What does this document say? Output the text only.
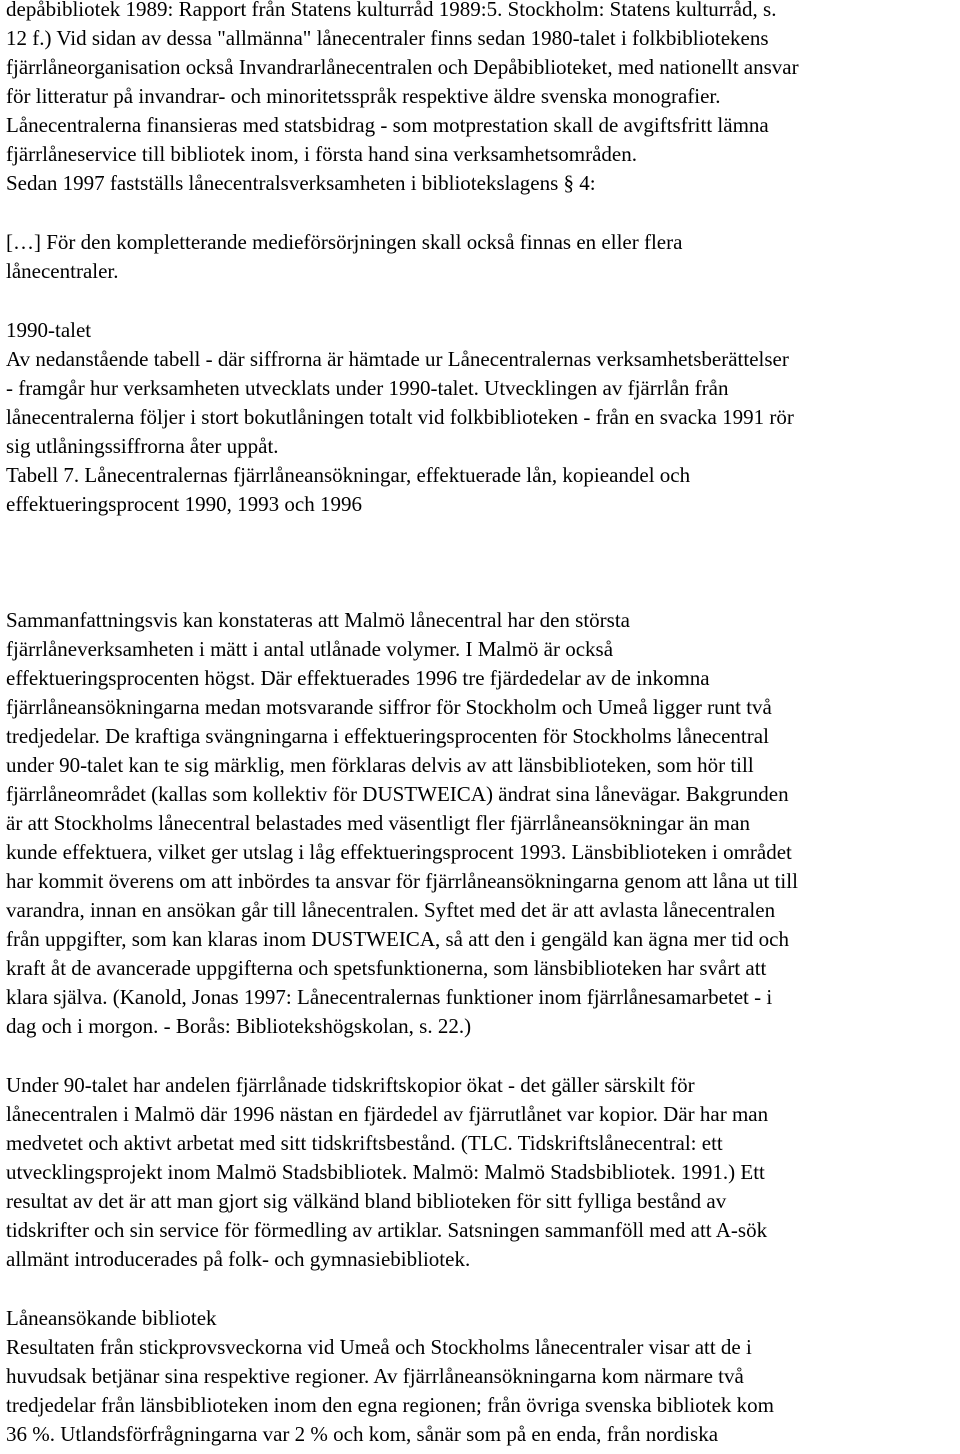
depåbibliotek 1989: Rapport från Statens kulturråd 1989:5. Stockholm: Statens kulturråd, s.

12 f.) Vid sidan av dessa "allmänna" lånecentraler finns sedan 1980-talet i folkbibliotekens

fjärrlåneorganisation också Invandrarlånecentralen och Depåbiblioteket, med nationellt ansvar

för litteratur på invandrar- och minoritetsspråk respektive äldre svenska monografier.

Lånecentralerna finansieras med statsbidrag - som motprestation skall de avgiftsfritt lämna

fjärrlåneservice till bibliotek inom, i första hand sina verksamhetsområden.

Sedan 1997 fastställs lånecentralsverksamheten i bibliotekslagens § 4:

[…] För den kompletterande medieförsörjningen skall också finnas en eller flera

lånecentraler.

1990-talet

Av nedanstående tabell - där siffrorna är hämtade ur Lånecentralernas verksamhetsberättelser

- framgår hur verksamheten utvecklats under 1990-talet. Utvecklingen av fjärrlån från

lånecentralerna följer i stort bokutlåningen totalt vid folkbiblioteken - från en svacka 1991 rör

sig utlåningssiffrorna åter uppåt.

Tabell 7. Lånecentralernas fjärrlåneansökningar, effektuerade lån, kopieandel och

effektueringsprocent 1990, 1993 och 1996

Sammanfattningsvis kan konstateras att Malmö lånecentral har den största

fjärrlåneverksamheten i mätt i antal utlånade volymer. I Malmö är också

effektueringsprocenten högst. Där effektuerades 1996 tre fjärdedelar av de inkomna

fjärrlåneansökningarna medan motsvarande siffror för Stockholm och Umeå ligger runt två

tredjedelar. De kraftiga svängningarna i effektueringsprocenten för Stockholms lånecentral

under 90-talet kan te sig märklig, men förklaras delvis av att länsbiblioteken, som hör till

fjärrlåneområdet (kallas som kollektiv för DUSTWEICA) ändrat sina lånevägar. Bakgrunden

är att Stockholms lånecentral belastades med väsentligt fler fjärrlåneansökningar än man

kunde effektuera, vilket ger utslag i låg effektueringsprocent 1993. Länsbiblioteken i området

har kommit överens om att inbördes ta ansvar för fjärrlåneansökningarna genom att låna ut till

varandra, innan en ansökan går till lånecentralen. Syftet med det är att avlasta lånecentralen

från uppgifter, som kan klaras inom DUSTWEICA, så att den i gengäld kan ägna mer tid och

kraft åt de avancerade uppgifterna och spetsfunktionerna, som länsbiblioteken har svårt att

klara själva. (Kanold, Jonas 1997: Lånecentralernas funktioner inom fjärrlånesamarbetet - i

dag och i morgon. - Borås: Bibliotekshögskolan, s. 22.)

Under 90-talet har andelen fjärrlånade tidskriftskopior ökat - det gäller särskilt för

lånecentralen i Malmö där 1996 nästan en fjärdedel av fjärrutlånet var kopior. Där har man

medvetet och aktivt arbetat med sitt tidskriftsbestånd. (TLC. Tidskriftslånecentral: ett

utvecklingsprojekt inom Malmö Stadsbibliotek. Malmö: Malmö Stadsbibliotek. 1991.) Ett

resultat av det är att man gjort sig välkänd bland biblioteken för sitt fylliga bestånd av

tidskrifter och sin service för förmedling av artiklar. Satsningen sammanföll med att A-sök

allmänt introducerades på folk- och gymnasiebibliotek.

Låneansökande bibliotek

Resultaten från stickprovsveckorna vid Umeå och Stockholms lånecentraler visar att de i

huvudsak betjänar sina respektive regioner. Av fjärrlåneansökningarna kom närmare två

tredjedelar från länsbiblioteken inom den egna regionen; från övriga svenska bibliotek kom

36 %. Utlandsförfrågningarna var 2 % och kom, sånär som på en enda, från nordiska
